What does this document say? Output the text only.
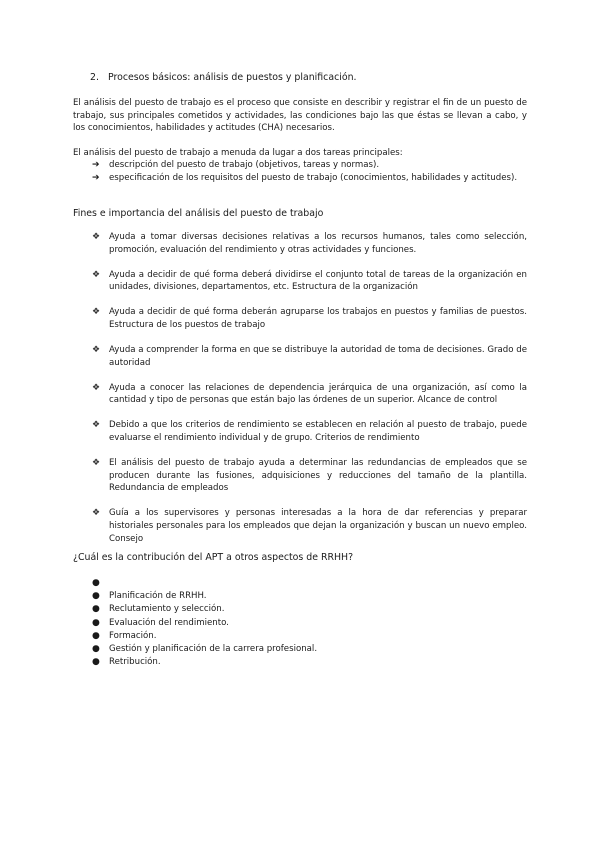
2. Procesos básicos: análisis de puestos y planificación.

El análisis del puesto de trabajo es el proceso que consiste en describir y registrar el fin de un puesto de trabajo, sus principales cometidos y actividades, las condiciones bajo las que éstas se llevan a cabo, y los conocimientos, habilidades y actitudes (CHA) necesarios.

El análisis del puesto de trabajo a menuda da lugar a dos tareas principales:

➔ descripción del puesto de trabajo (objetivos, tareas y normas).
➔ especificación de los requisitos del puesto de trabajo (conocimientos, habilidades y actitudes).
Fines e importancia del análisis del puesto de trabajo
❖ Ayuda a tomar diversas decisiones relativas a los recursos humanos, tales como selección, promoción, evaluación del rendimiento y otras actividades y funciones.
❖ Ayuda a decidir de qué forma deberá dividirse el conjunto total de tareas de la organización en unidades, divisiones, departamentos, etc. Estructura de la organización
❖ Ayuda a decidir de qué forma deberán agruparse los trabajos en puestos y familias de puestos. Estructura de los puestos de trabajo
❖ Ayuda a comprender la forma en que se distribuye la autoridad de toma de decisiones. Grado de autoridad
❖ Ayuda a conocer las relaciones de dependencia jerárquica de una organización, así como la cantidad y tipo de personas que están bajo las órdenes de un superior. Alcance de control
❖ Debido a que los criterios de rendimiento se establecen en relación al puesto de trabajo, puede evaluarse el rendimiento individual y de grupo. Criterios de rendimiento
❖ El análisis del puesto de trabajo ayuda a determinar las redundancias de empleados que se producen durante las fusiones, adquisiciones y reducciones del tamaño de la plantilla. Redundancia de empleados
❖ Guía a los supervisores y personas interesadas a la hora de dar referencias y preparar historiales personales para los empleados que dejan la organización y buscan un nuevo empleo. Consejo
¿Cuál es la contribución del APT a otros aspectos de RRHH?
●
● Planificación de RRHH.
● Reclutamiento y selección.
● Evaluación del rendimiento.
● Formación.
● Gestión y planificación de la carrera profesional.
● Retribución.
